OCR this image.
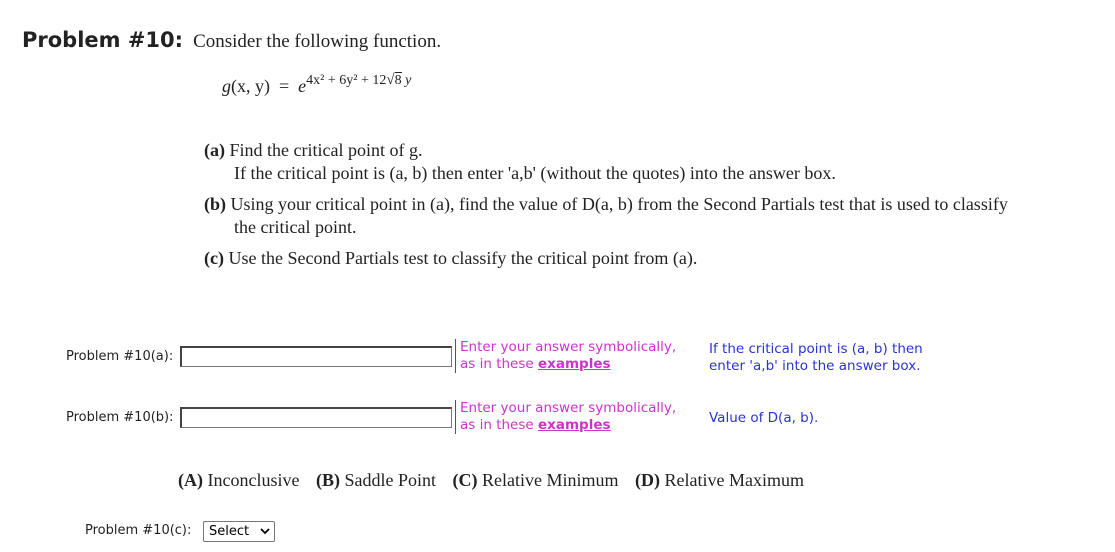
Problem #10: Consider the following function.
g(x, $y) = e^{4x^2 + 6y^2 + 12√8 y}$
(a) Find the critical point of g.
If the critical point is (a, b) then enter 'a,b' (without the quotes) into the answer box.
(b) Using your critical point in (a), find the value of D(a, b) from the Second Partials test that is used to classify
the critical point.
(c) Use the Second Partials test to classify the critical point from (a).
Problem #10(a):
Enter your answer symbolically,
as in these examples
If the critical point is (a, b) then
enter 'a,b' into the answer box.
Problem #10(b):
Enter your answer symbolically,
as in these examples	Value of D(a, b).
(A) Inconclusive (B) Saddle Point (C) Relative Minimum (D) Relative Maximum
Problem #10(c):	Select
